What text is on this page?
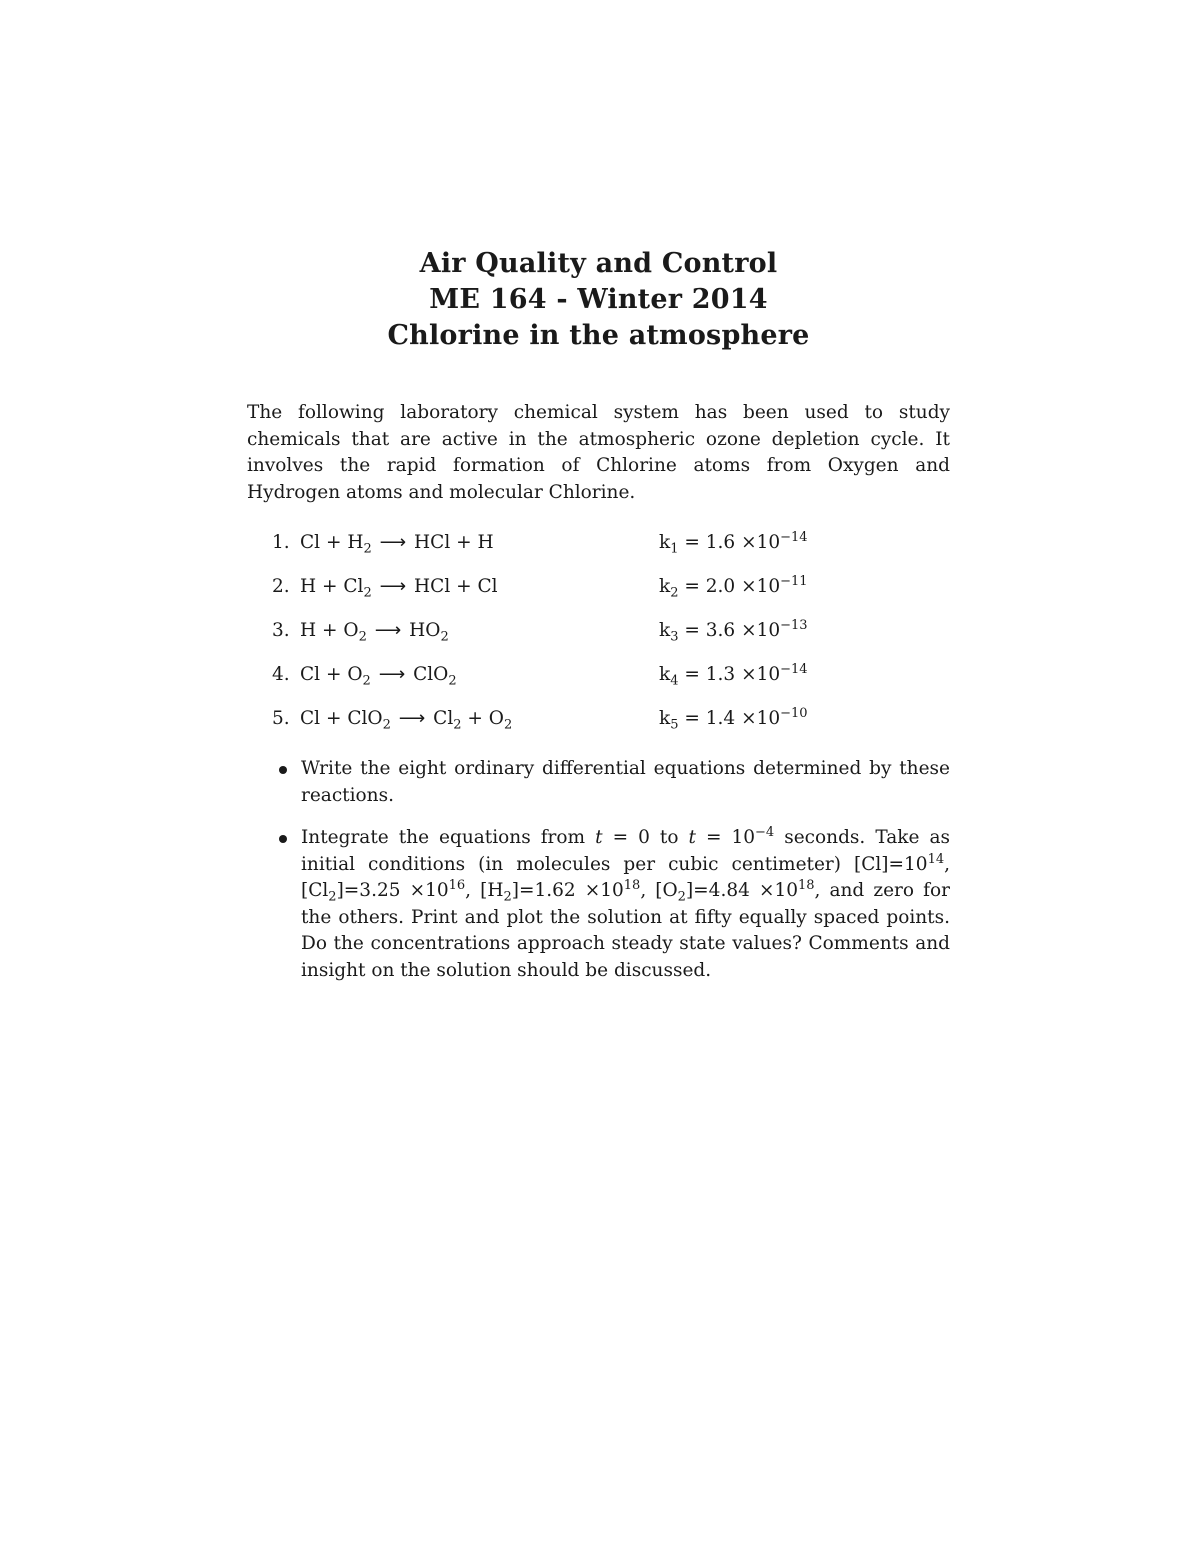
Air Quality and Control
ME 164 - Winter 2014
Chlorine in the atmosphere

The following laboratory chemical system has been used to study chemicals that are active in the atmospheric ozone depletion cycle. It involves the rapid formation of Chlorine atoms from Oxygen and Hydrogen atoms and molecular Chlorine.

1. $Cl + H_2$ ⟶ HCl + H	$k_1 = 1.6 \times 10^{-14}$
2. $H + Cl_2$ ⟶ HCl + Cl	$k_2 = 2.0 \times 10^{-11}$
3. $H + O_2$ ⟶ $HO_2$	$k_3 = 3.6 \times 10^{-13}$
4. $Cl + O_2$ ⟶ ClO$_2$	$k_4 = 1.3 \times 10^{-14}$
5. Cl + ClO$_2$ ⟶ $Cl_2 + O_2$	$k_5 = 1.4 \times 10^{-10}$
Write the eight ordinary differential equations determined by these reactions.
Integrate the equations from t = 0 to $t = 10^{-4}$ seconds. Take as initial conditions (in molecules per cubic centimeter) $[Cl]=10^{14}$, $[Cl_2]=3.25 \times 10^{16}$, $[H_2]=1.62 \times 10^{18}$, $[O_2]=4.84 \times 10^{18}$, and zero for the others. Print and plot the solution at fifty equally spaced points. Do the concentrations approach steady state values? Comments and insight on the solution should be discussed.
